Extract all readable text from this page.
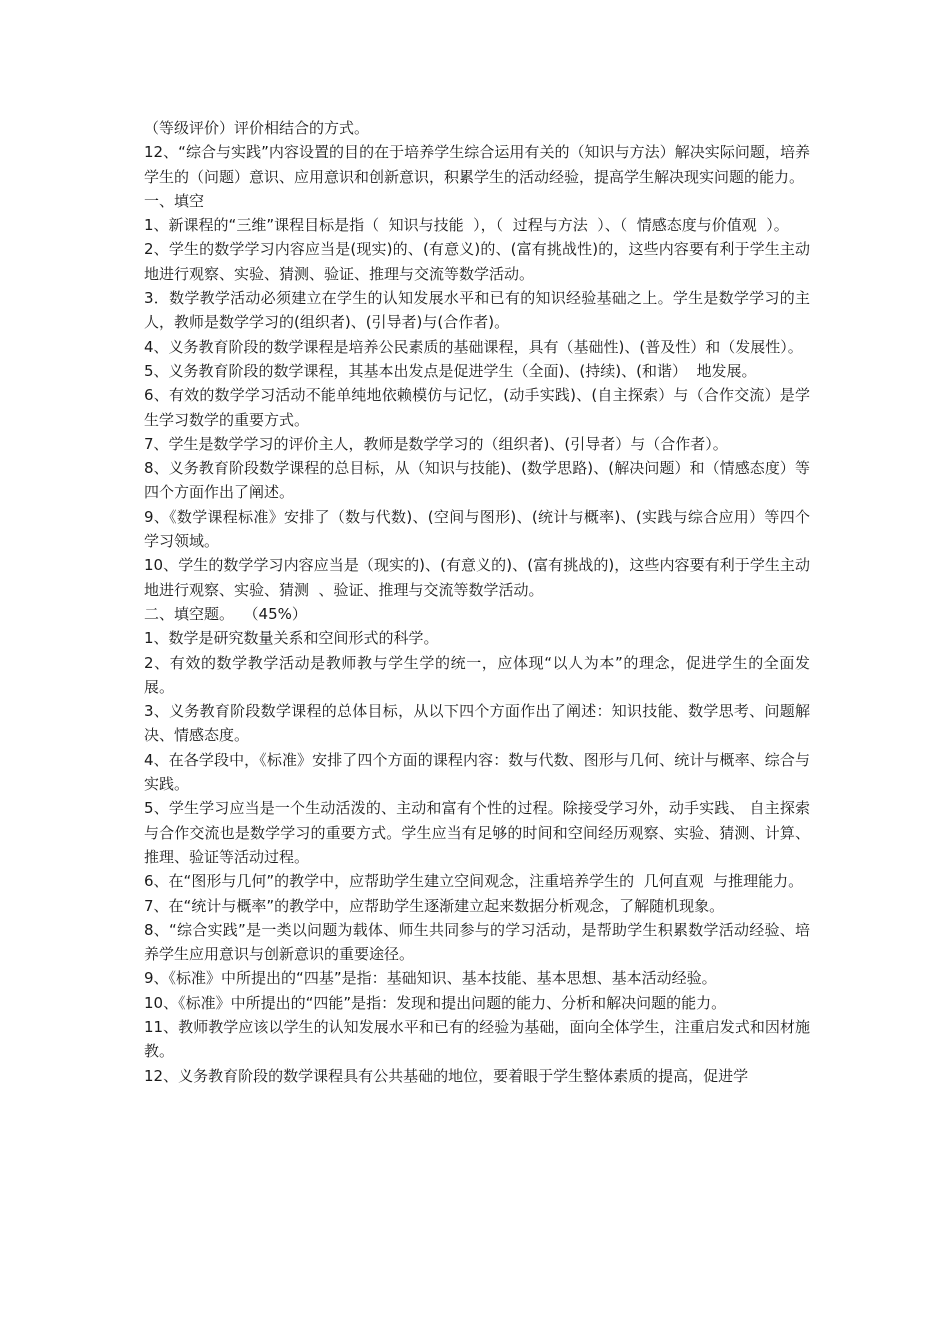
（等级评价）评价相结合的方式。

12、“综合与实践”内容设置的目的在于培养学生综合运用有关的（知识与方法）解决实际问题，培养学生的（问题）意识、应用意识和创新意识，积累学生的活动经验，提高学生解决现实问题的能力。

一、填空

1、新课程的“三维”课程目标是指（  知识与技能  ），（  过程与方法  ）、（  情感态度与价值观  ）。

2、学生的数学学习内容应当是(现实)的、(有意义)的、(富有挑战性)的，这些内容要有利于学生主动地进行观察、实验、猜测、验证、推理与交流等数学活动。

3．数学教学活动必须建立在学生的认知发展水平和已有的知识经验基础之上。学生是数学学习的主人，教师是数学学习的(组织者)、(引导者)与(合作者)。

4、义务教育阶段的数学课程是培养公民素质的基础课程，具有（基础性)、(普及性）和（发展性）。

5、义务教育阶段的数学课程，其基本出发点是促进学生（全面)、(持续)、(和谐）  地发展。

6、有效的数学学习活动不能单纯地依赖模仿与记忆，(动手实践)、(自主探索）与（合作交流）是学生学习数学的重要方式。

7、学生是数学学习的评价主人，教师是数学学习的（组织者)、(引导者）与（合作者）。

8、义务教育阶段数学课程的总目标，从（知识与技能)、(数学思路)、(解决问题）和（情感态度）等四个方面作出了阐述。

9、《数学课程标准》安排了（数与代数)、(空间与图形)、(统计与概率)、(实践与综合应用）等四个学习领域。

10、学生的数学学习内容应当是（现实的)、(有意义的)、(富有挑战的)，这些内容要有利于学生主动地进行观察、实验、猜测  、验证、推理与交流等数学活动。

二、填空题。  （45%）

1、数学是研究数量关系和空间形式的科学。

2、有效的数学教学活动是教师教与学生学的统一，应体现“以人为本”的理念，促进学生的全面发展。

3、义务教育阶段数学课程的总体目标，从以下四个方面作出了阐述：知识技能、数学思考、问题解决、情感态度。

4、在各学段中，《标准》安排了四个方面的课程内容：数与代数、图形与几何、统计与概率、综合与实践。

5、学生学习应当是一个生动活泼的、主动和富有个性的过程。除接受学习外，动手实践、 自主探索与合作交流也是数学学习的重要方式。学生应当有足够的时间和空间经历观察、实验、猜测、计算、推理、验证等活动过程。

6、在“图形与几何”的教学中，应帮助学生建立空间观念，注重培养学生的  几何直观  与推理能力。

7、在“统计与概率”的教学中，应帮助学生逐渐建立起来数据分析观念，了解随机现象。

8、“综合实践”是一类以问题为载体、师生共同参与的学习活动，是帮助学生积累数学活动经验、培养学生应用意识与创新意识的重要途径。

9、《标准》中所提出的“四基”是指：基础知识、基本技能、基本思想、基本活动经验。

10、《标准》中所提出的“四能”是指：发现和提出问题的能力、分析和解决问题的能力。

11、教师教学应该以学生的认知发展水平和已有的经验为基础，面向全体学生，注重启发式和因材施教。

12、义务教育阶段的数学课程具有公共基础的地位，要着眼于学生整体素质的提高，促进学
